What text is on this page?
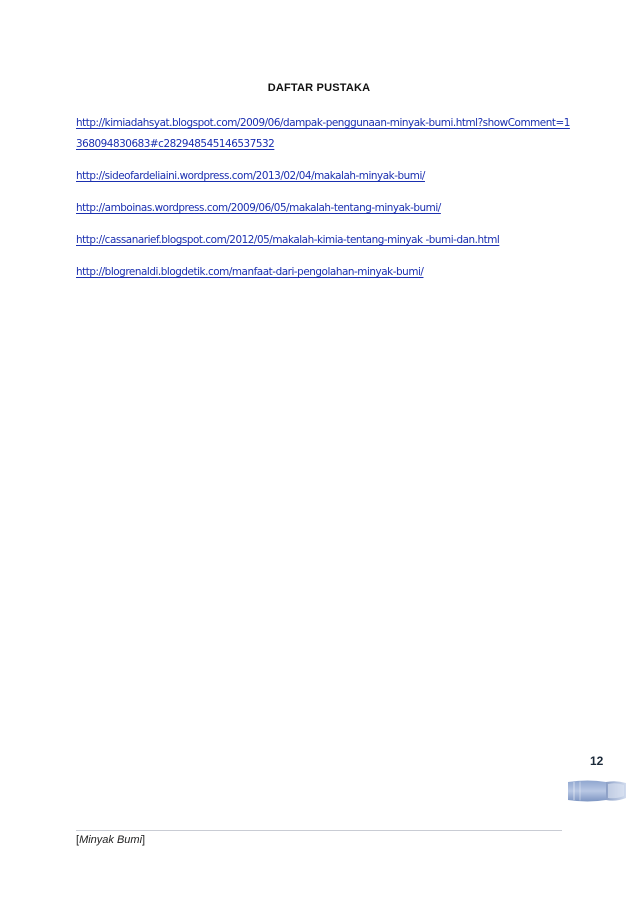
DAFTAR PUSTAKA
http://kimiadahsyat.blogspot.com/2009/06/dampak-penggunaan-minyak-bumi.html?showComment=1368094830683#c282948545146537532
http://sideofardeliaini.wordpress.com/2013/02/04/makalah-minyak-bumi/
http://amboinas.wordpress.com/2009/06/05/makalah-tentang-minyak-bumi/
http://cassanarief.blogspot.com/2012/05/makalah-kimia-tentang-minyak -bumi-dan.html
http://blogrenaldi.blogdetik.com/manfaat-dari-pengolahan-minyak-bumi/
12
[Minyak Bumi]
